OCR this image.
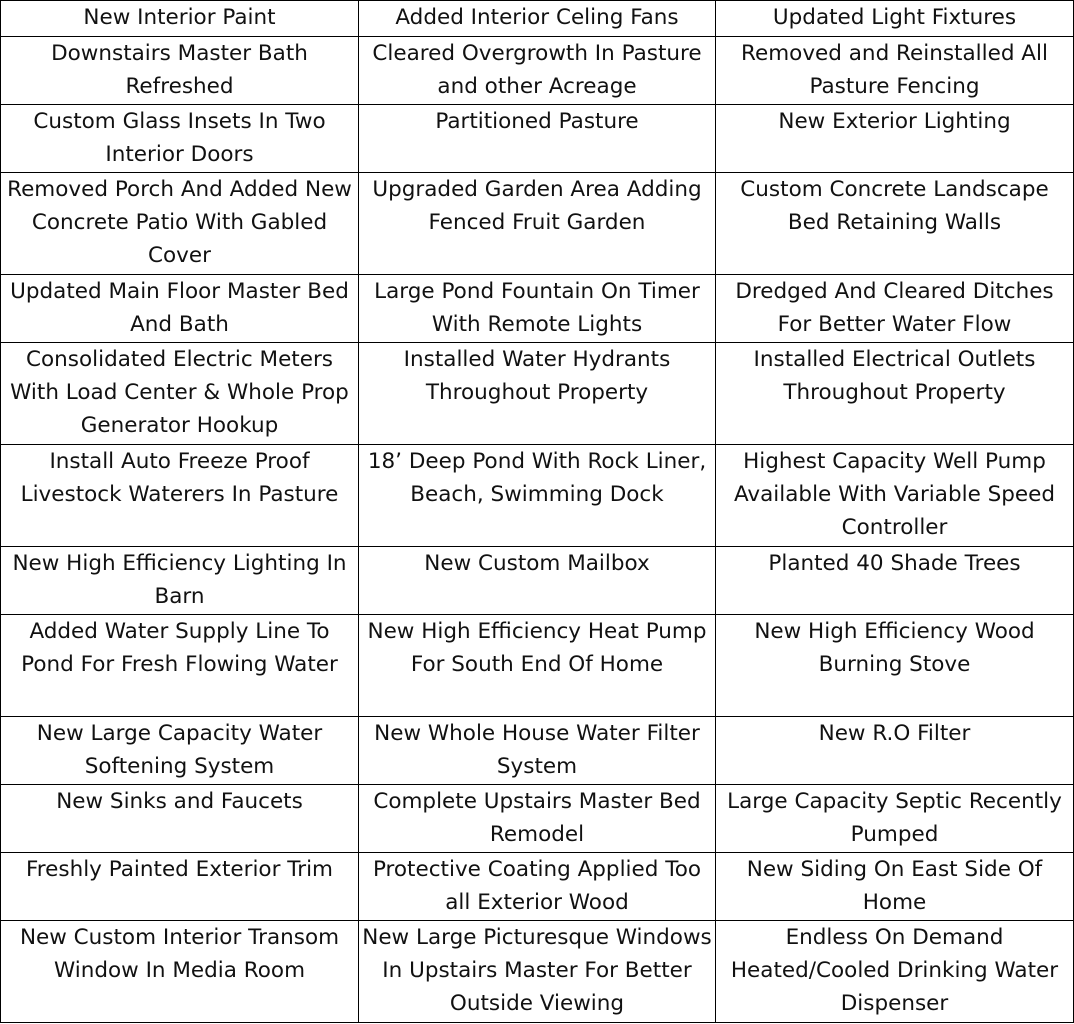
New Interior Paint	Added Interior Celing Fans	Updated Light Fixtures
Downstairs Master Bath Refreshed	Cleared Overgrowth In Pasture and other Acreage	Removed and Reinstalled All Pasture Fencing
Custom Glass Insets In Two Interior Doors	Partitioned Pasture	New Exterior Lighting
Removed Porch And Added New Concrete Patio With Gabled Cover	Upgraded Garden Area Adding Fenced Fruit Garden	Custom Concrete Landscape Bed Retaining Walls
Updated Main Floor Master Bed And Bath	Large Pond Fountain On Timer With Remote Lights	Dredged And Cleared Ditches For Better Water Flow
Consolidated Electric Meters With Load Center & Whole Prop Generator Hookup	Installed Water Hydrants Throughout Property	Installed Electrical Outlets Throughout Property
Install Auto Freeze Proof Livestock Waterers In Pasture	18’ Deep Pond With Rock Liner, Beach, Swimming Dock	Highest Capacity Well Pump Available With Variable Speed Controller
New High Efficiency Lighting In Barn	New Custom Mailbox	Planted 40 Shade Trees
Added Water Supply Line To Pond For Fresh Flowing Water	New High Efficiency Heat Pump For South End Of Home	New High Efficiency Wood Burning Stove
New Large Capacity Water Softening System	New Whole House Water Filter System	New R.O Filter
New Sinks and Faucets	Complete Upstairs Master Bed Remodel	Large Capacity Septic Recently Pumped
Freshly Painted Exterior Trim	Protective Coating Applied Too all Exterior Wood	New Siding On East Side Of Home
New Custom Interior Transom Window In Media Room	New Large Picturesque Windows In Upstairs Master For Better Outside Viewing	Endless On Demand Heated/Cooled Drinking Water Dispenser
